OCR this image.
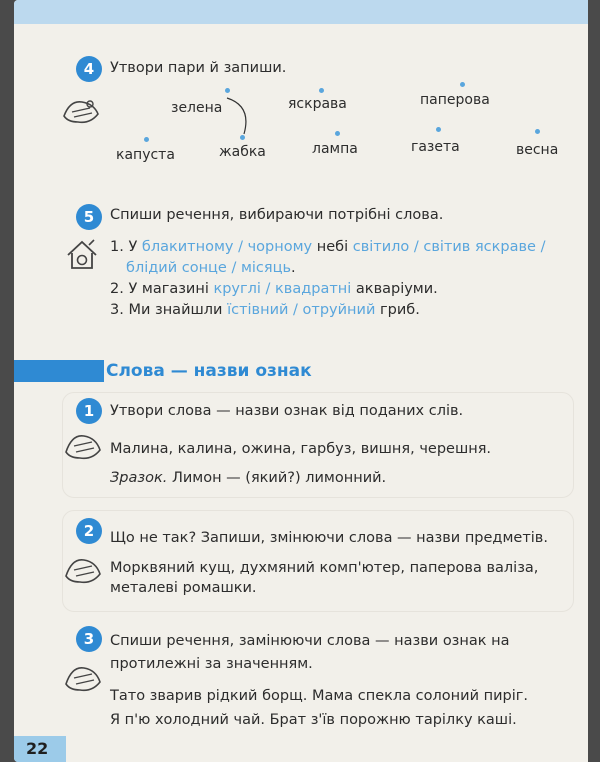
4	Утвори пари й запиши.
зелена	яскрава	паперова
капуста	жабка	лампа	газета	весна
5	Спиши речення, вибираючи потрібні слова.
1. У блакитному / чорному небі світило / світив яскраве /
блідий сонце / місяць.
2. У магазині круглі / квадратні акваріуми.
3. Ми знайшли їстівний / отруйний гриб.
Слова — назви ознак
1	Утвори слова — назви ознак від поданих слів.
Малина, калина, ожина, гарбуз, вишня, черешня.
Зразок. Лимон — (який?) лимонний.
2	Що не так? Запиши, змінюючи слова — назви предметів.
Морквяний кущ, духмяний комп'ютер, паперова валіза,
металеві ромашки.
3	Спиши речення, замінюючи слова — назви ознак на
протилежні за значенням.
Тато зварив рідкий борщ. Мама спекла солоний пиріг.
Я п'ю холодний чай. Брат з'їв порожню тарілку каші.
22
